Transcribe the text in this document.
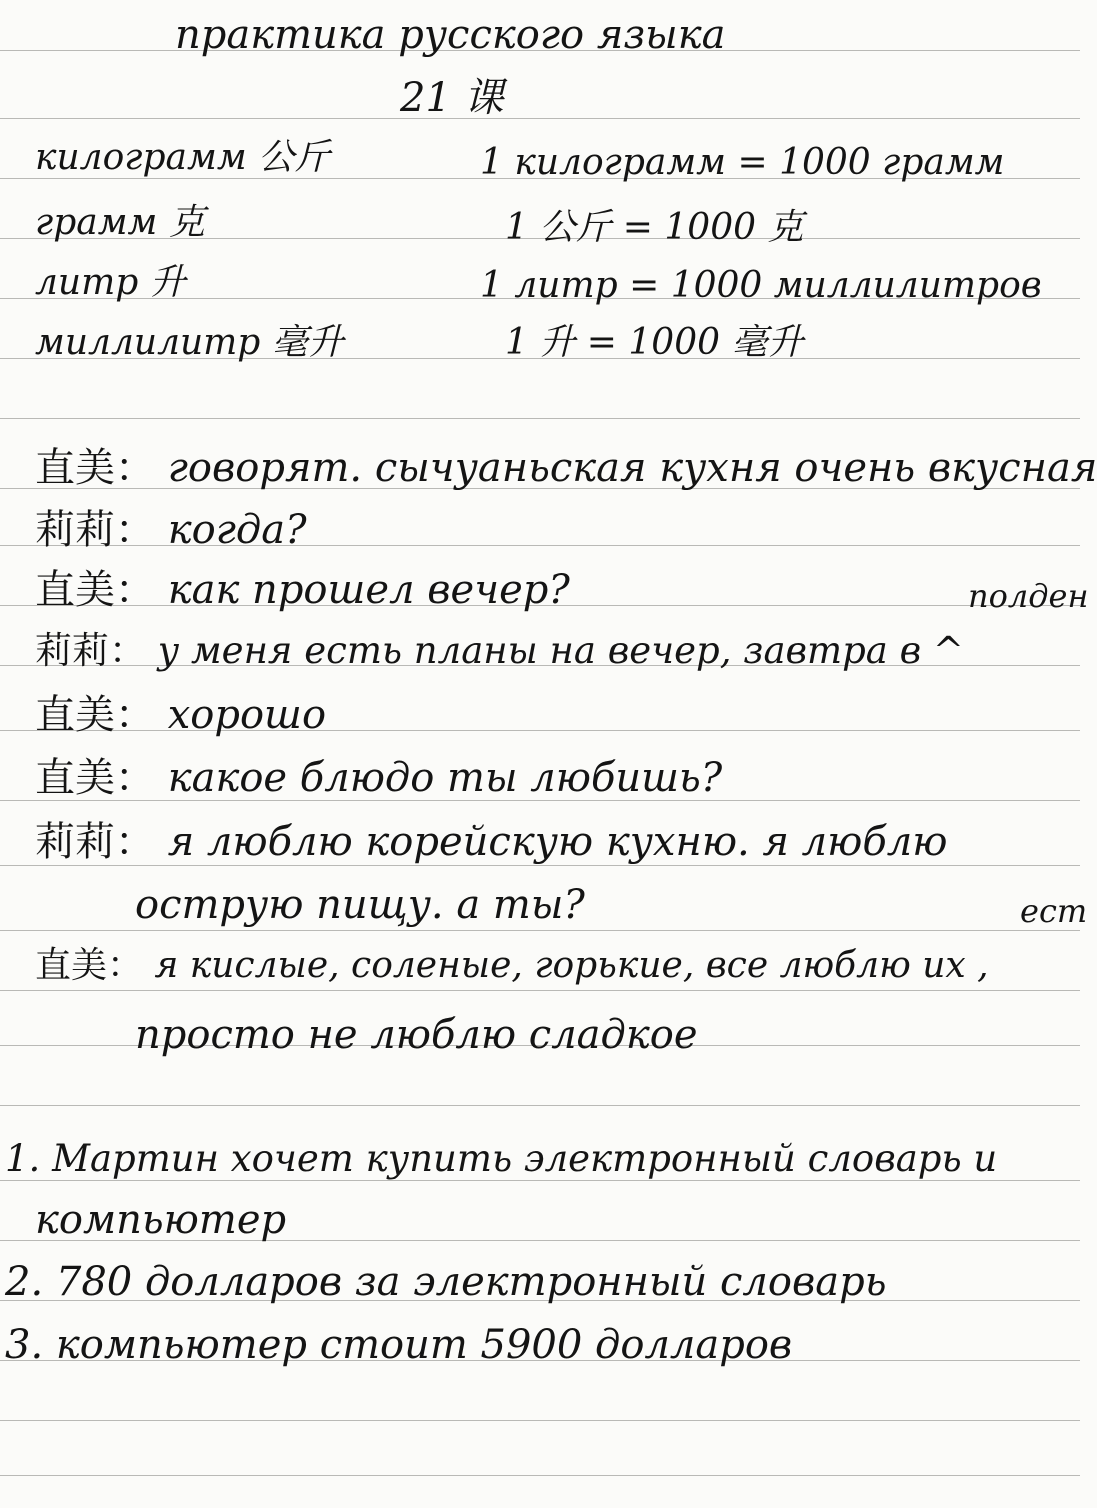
практика русского языка
21 课
килограмм 公斤	1 килограмм = 1000 грамм
грамм 克	1 公斤 = 1000 克
литр 升	1 литр = 1000 миллилитров
миллилитр 毫升	1 升 = 1000 毫升
直美： говорят. сычуаньская кухня очень вкусная
莉莉： когда?
直美： как прошел вечер?	полден
莉莉： у меня есть планы на вечер, завтра в ^
直美： хорошо
直美： какое блюдо ты любишь?
莉莉： я люблю корейскую кухню. я люблю
острую пищу. а ты?	ест
直美： я кислые, соленые, горькие, все люблю их ,
просто не люблю сладкое
1. Мартин хочет купить электронный словарь и
компьютер
2. 780 долларов за электронный словарь
3. компьютер стоит 5900 долларов
